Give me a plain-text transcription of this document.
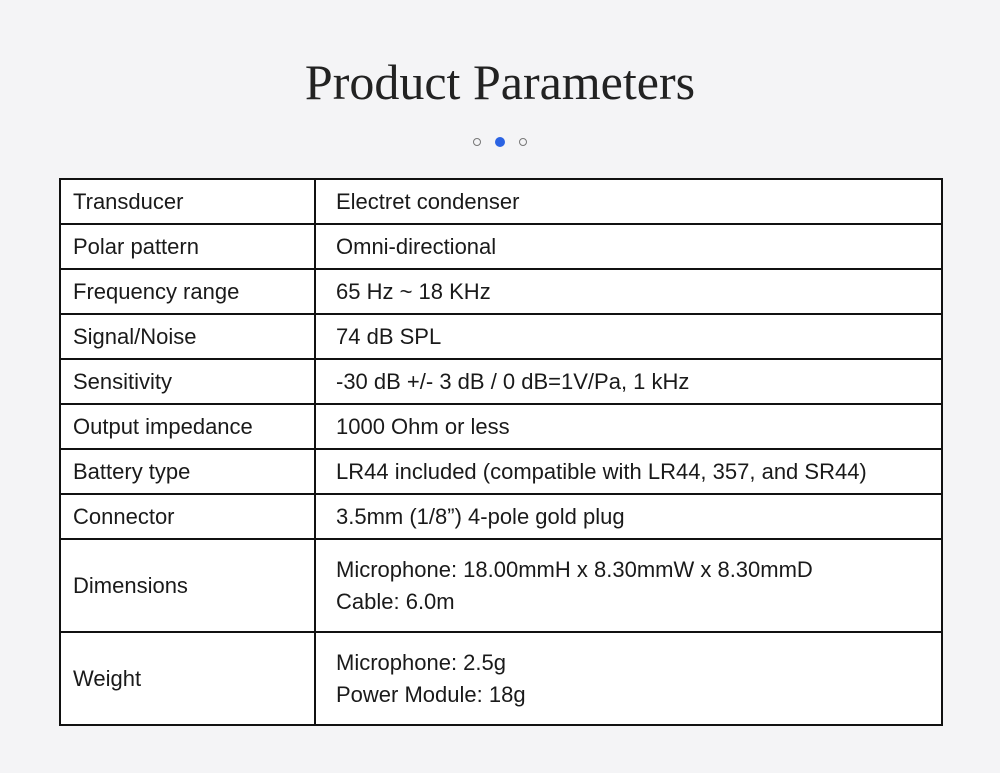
Product Parameters
Transducer	Electret condenser

Polar pattern	Omni-directional

Frequency range	65 Hz ~ 18 KHz

Signal/Noise	74 dB SPL

Sensitivity	-30 dB +/- 3 dB / 0 dB=1V/Pa, 1 kHz

Output impedance	1000 Ohm or less

Battery type	LR44 included (compatible with LR44, 357, and SR44)

Connector	3.5mm (1/8”) 4-pole gold plug

Dimensions	Microphone: 18.00mmH x 8.30mmW x 8.30mmD
Cable: 6.0m

Weight	Microphone: 2.5g
Power Module: 18g
